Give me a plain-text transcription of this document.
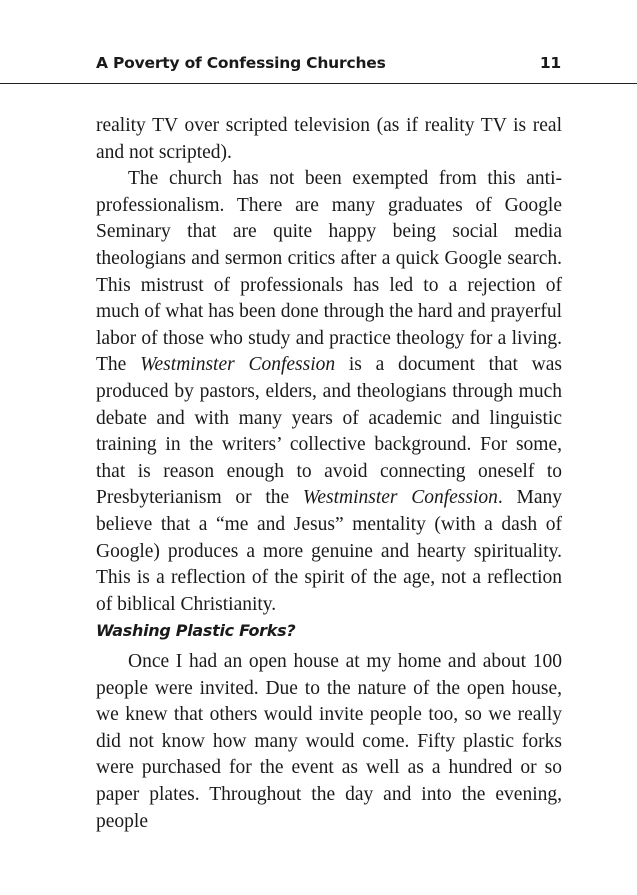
A Poverty of Confessing Churches	11

reality TV over scripted television (as if reality TV is real and not scripted).

The church has not been exempted from this anti-professionalism. There are many graduates of Google Seminary that are quite happy being social media theologians and sermon critics after a quick Google search. This mistrust of professionals has led to a rejection of much of what has been done through the hard and prayerful labor of those who study and practice theology for a living. The Westminster Confession is a document that was produced by pastors, elders, and theologians through much debate and with many years of academic and linguistic training in the writers’ collective background. For some, that is reason enough to avoid connecting oneself to Presbyterianism or the Westminster Confession. Many believe that a “me and Jesus” mentality (with a dash of Google) produces a more genuine and hearty spirituality. This is a reflection of the spirit of the age, not a reflection of biblical Christianity.

Washing Plastic Forks?

Once I had an open house at my home and about 100 people were invited. Due to the nature of the open house, we knew that others would invite people too, so we really did not know how many would come. Fifty plastic forks were purchased for the event as well as a hundred or so paper plates. Throughout the day and into the evening, people
